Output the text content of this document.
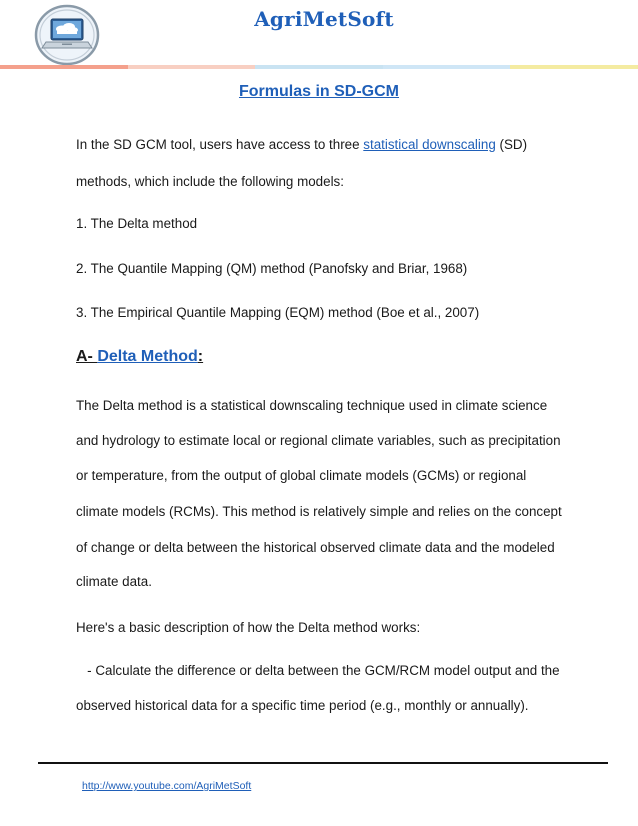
AgriMetSoft
Formulas in SD-GCM
In the SD GCM tool, users have access to three statistical downscaling (SD)
methods, which include the following models:
1. The Delta method
2. The Quantile Mapping (QM) method (Panofsky and Briar, 1968)
3. The Empirical Quantile Mapping (EQM) method (Boe et al., 2007)
A- Delta Method:
The Delta method is a statistical downscaling technique used in climate science
and hydrology to estimate local or regional climate variables, such as precipitation
or temperature, from the output of global climate models (GCMs) or regional
climate models (RCMs). This method is relatively simple and relies on the concept
of change or delta between the historical observed climate data and the modeled
climate data.
Here's a basic description of how the Delta method works:
- Calculate the difference or delta between the GCM/RCM model output and the
observed historical data for a specific time period (e.g., monthly or annually).
http://www.youtube.com/AgriMetSoft
